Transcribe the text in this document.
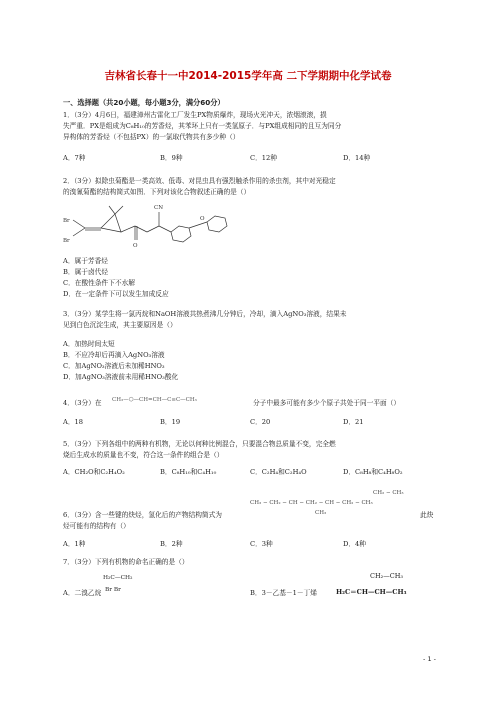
吉林省长春十一中2014-2015学年高 二下学期期中化学试卷
一、选择题（共20小题，每小题3分，满分60分）

1．（3分）4月6日，福建漳州古雷化工厂发生PX物质爆炸，现场火光冲天，浓烟滚滚，损

失严重．PX是组成为C₈H₁₀的芳香烃，其苯环上只有一类氢原子．与PX组成相同的且互为同分

异构体的芳香烃（不包括PX）的一氯取代物共有多少种（）

A．7种	B．9种	C．12种	D．14种

2．（3分）拟除虫菊酯是一类高效、低毒、对昆虫具有强烈触杀作用的杀虫剂，其中对光稳定

的溴氰菊酯的结构简式如图．下列对该化合物叙述正确的是（）

Br
Br
CN
O
O
A．属于芳香烃
B．属于卤代烃
C．在酸性条件下不水解
D．在一定条件下可以发生加成反应

3．（3分）某学生将一氯丙烷和NaOH溶液共热煮沸几分钟后，冷却，滴入AgNO₃溶液，结果未

见到白色沉淀生成，其主要原因是（）

A．加热时间太短
B．不应冷却后再滴入AgNO₃溶液
C．加AgNO₃溶液后未加稀HNO₃
D．加AgNO₃溶液前未用稀HNO₃酸化
4．（3分）在 CH₃—⬡—CH=CH—C≡C—CH₃	分子中最多可能有多少个原子共处于同一平面（）
A．18	B．19	C．20	D．21

5．（3分）下列各组中的两种有机物，无论以何种比例混合，只要混合物总质量不变，完全燃

烧后生成水的质量也不变，符合这一条件的组合是（）

A．CH₂O和C₂H₄O₂	B．C₈H₁₀和C₄H₁₀	C．C₂H₄和C₂H₄O	D．C₈H₈和C₄H₈O₂
CH₂ − CH₃
CH₃ − CH₂ − CH − CH₂ − CH − CH₂ − CH₃
6．（3分）含一些键的炔烃，氢化后的产物结构简式为	此炔
CH₃
烃可能有的结构有（）
A．1种	B．2种	C．3种	D．4种

7．（3分）下列有机物的命名正确的是（）

H₂C—CH₂
A．二溴乙烷 Br Br
CH₂—CH₃
B．3－乙基－1－丁烯	H₂C＝CH—CH—CH₃
- 1 -
